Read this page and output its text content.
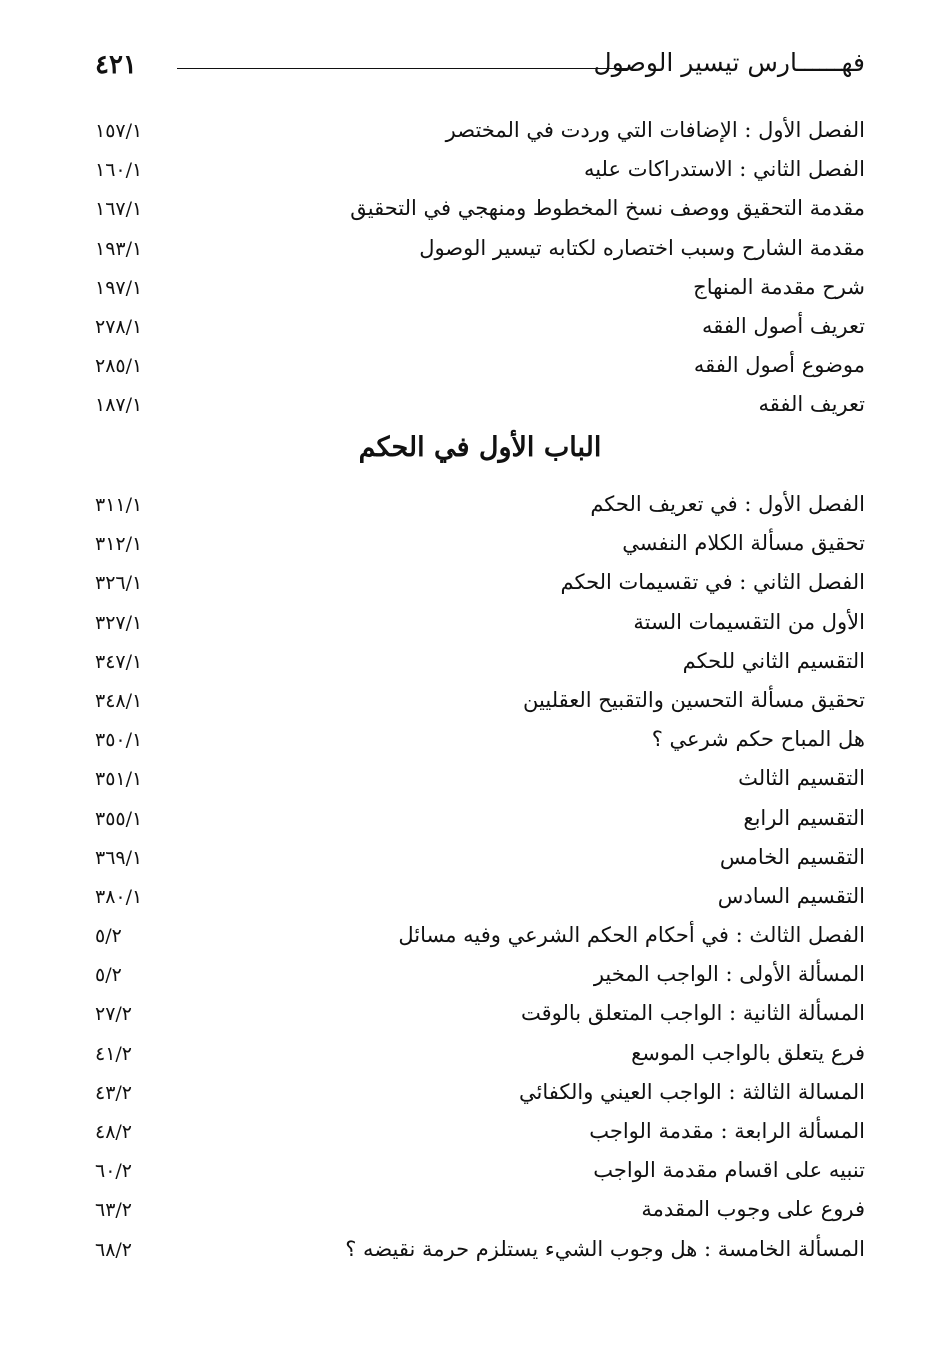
فهــــــارس تيسير الوصول
٤٢١
الفصل الأول : الإضافات التي وردت في المختصر
١٥٧/١
الفصل الثاني : الاستدراكات عليه
١٦٠/١
مقدمة التحقيق ووصف نسخ المخطوط ومنهجي في التحقيق
١٦٧/١
مقدمة الشارح وسبب اختصاره لكتابه تيسير الوصول
١٩٣/١
شرح مقدمة المنهاج
١٩٧/١
تعريف أصول الفقه
٢٧٨/١
موضوع أصول الفقه
٢٨٥/١
تعريف الفقه
١٨٧/١
الباب الأول في الحكم
الفصل الأول : في تعريف الحكم
٣١١/١
تحقيق مسألة الكلام النفسي
٣١٢/١
الفصل الثاني : في تقسيمات الحكم
٣٢٦/١
الأول من التقسيمات الستة
٣٢٧/١
التقسيم الثاني للحكم
٣٤٧/١
تحقيق مسألة التحسين والتقبيح العقليين
٣٤٨/١
هل المباح حكم شرعي ؟
٣٥٠/١
التقسيم الثالث
٣٥١/١
التقسيم الرابع
٣٥٥/١
التقسيم الخامس
٣٦٩/١
التقسيم السادس
٣٨٠/١
الفصل الثالث : في أحكام الحكم الشرعي وفيه مسائل
٥/٢
المسألة الأولى : الواجب المخير
٥/٢
المسألة الثانية : الواجب المتعلق بالوقت
٢٧/٢
فرع يتعلق بالواجب الموسع
٤١/٢
المسالة الثالثة : الواجب العيني والكفائي
٤٣/٢
المسألة الرابعة : مقدمة الواجب
٤٨/٢
تنبيه على اقسام مقدمة الواجب
٦٠/٢
فروع على وجوب المقدمة
٦٣/٢
المسألة الخامسة : هل وجوب الشيء يستلزم حرمة نقيضه ؟
٦٨/٢
